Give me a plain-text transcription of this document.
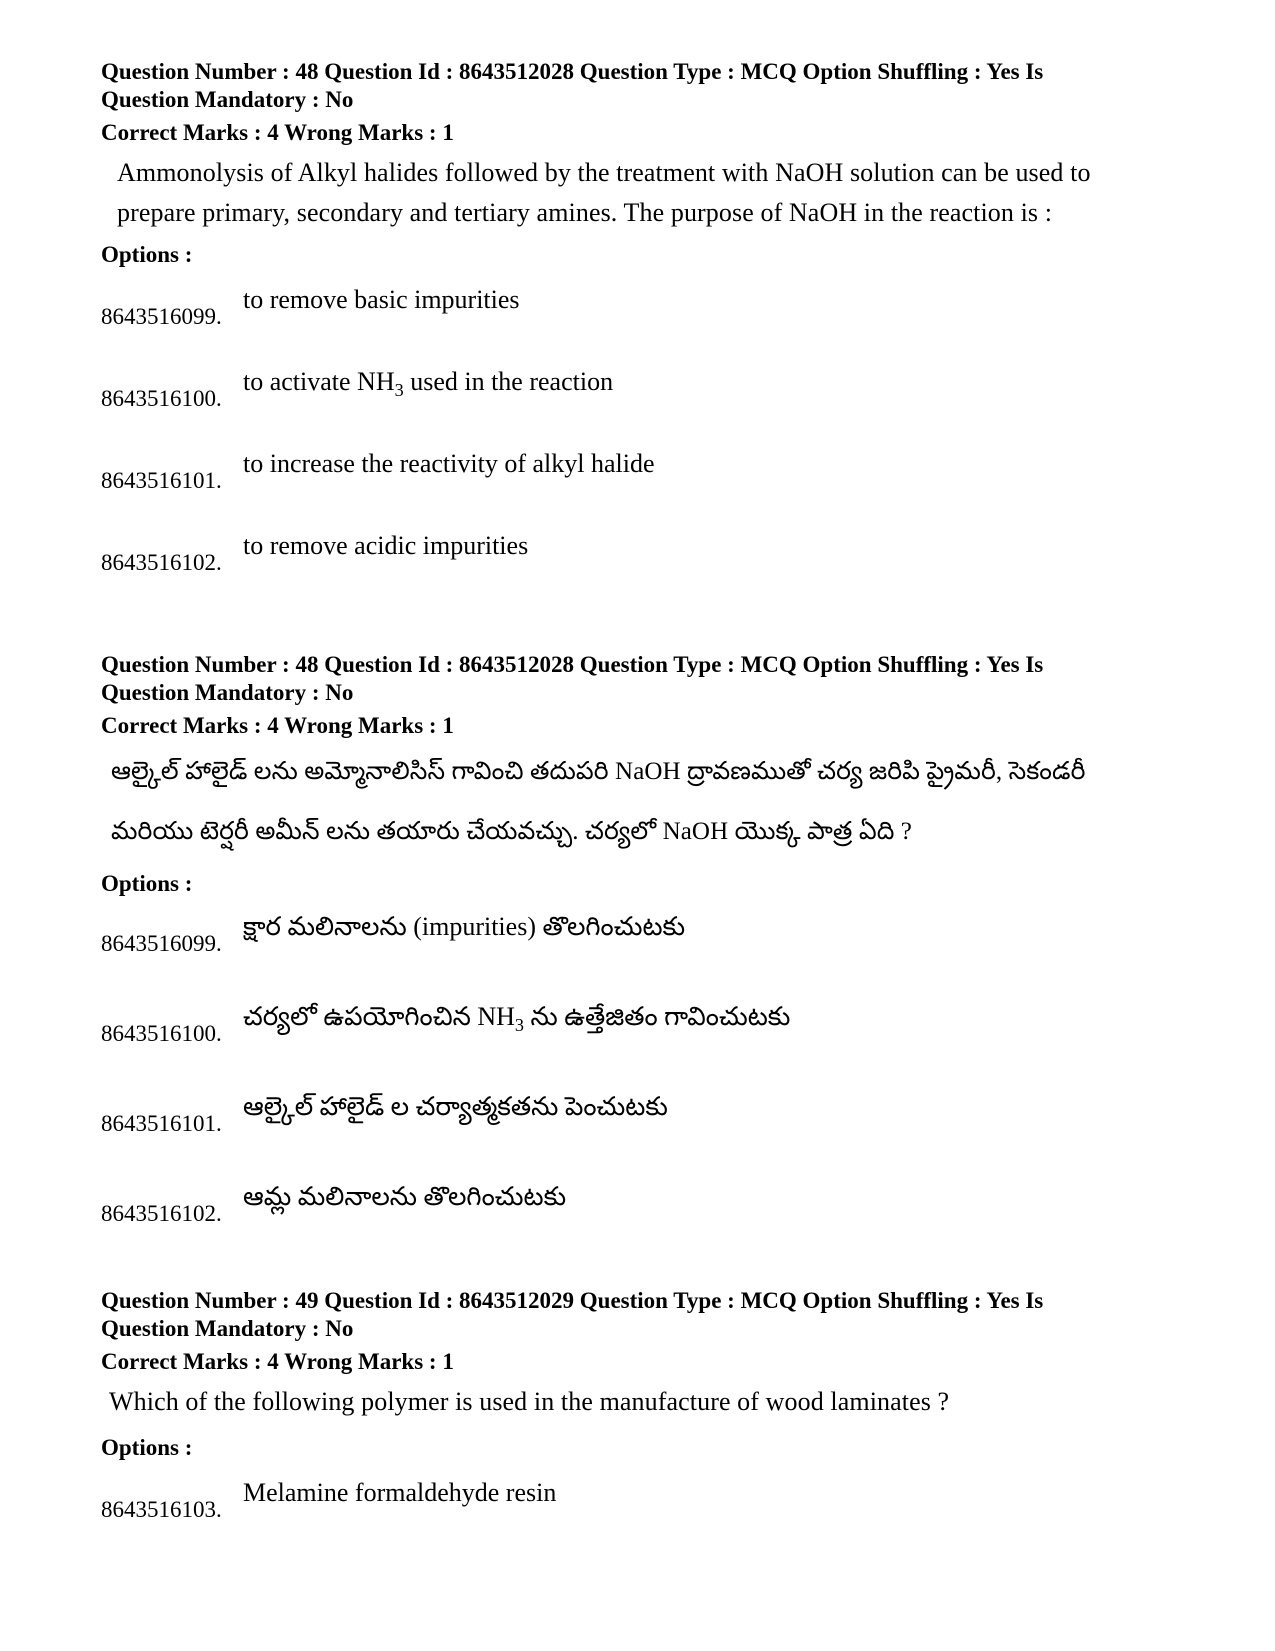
Question Number : 48 Question Id : 8643512028 Question Type : MCQ Option Shuffling : Yes Is

Question Mandatory : No

Correct Marks : 4 Wrong Marks : 1

Ammonolysis of Alkyl halides followed by the treatment with NaOH solution can be used to
prepare primary, secondary and tertiary amines. The purpose of NaOH in the reaction is :
Options :
8643516099.
to remove basic impurities
8643516100.
to activate $NH_3$ used in the reaction
8643516101.
to increase the reactivity of alkyl halide
8643516102.
to remove acidic impurities

Question Number : 48 Question Id : 8643512028 Question Type : MCQ Option Shuffling : Yes Is

Question Mandatory : No

Correct Marks : 4 Wrong Marks : 1

ఆల్కైల్ హాలైడ్ లను అమ్మోనాలిసిస్ గావించి తదుపరి NaOH ద్రావణముతో చర్య జరిపి ప్రైమరీ, సెకండరీ
మరియు టెర్షరీ అమీన్ లను తయారు చేయవచ్చు. చర్యలో NaOH యొక్క పాత్ర ఏది ?
Options :
8643516099.
క్షార మలినాలను (impurities) తొలగించుటకు
8643516100.
చర్యలో ఉపయోగించిన $NH_3$ ను ఉత్తేజితం గావించుటకు
8643516101.
ఆల్కైల్ హాలైడ్ ల చర్యాత్మకతను పెంచుటకు
8643516102.
ఆమ్ల మలినాలను తొలగించుటకు

Question Number : 49 Question Id : 8643512029 Question Type : MCQ Option Shuffling : Yes Is

Question Mandatory : No

Correct Marks : 4 Wrong Marks : 1

Which of the following polymer is used in the manufacture of wood laminates ?
Options :
8643516103.
Melamine formaldehyde resin
